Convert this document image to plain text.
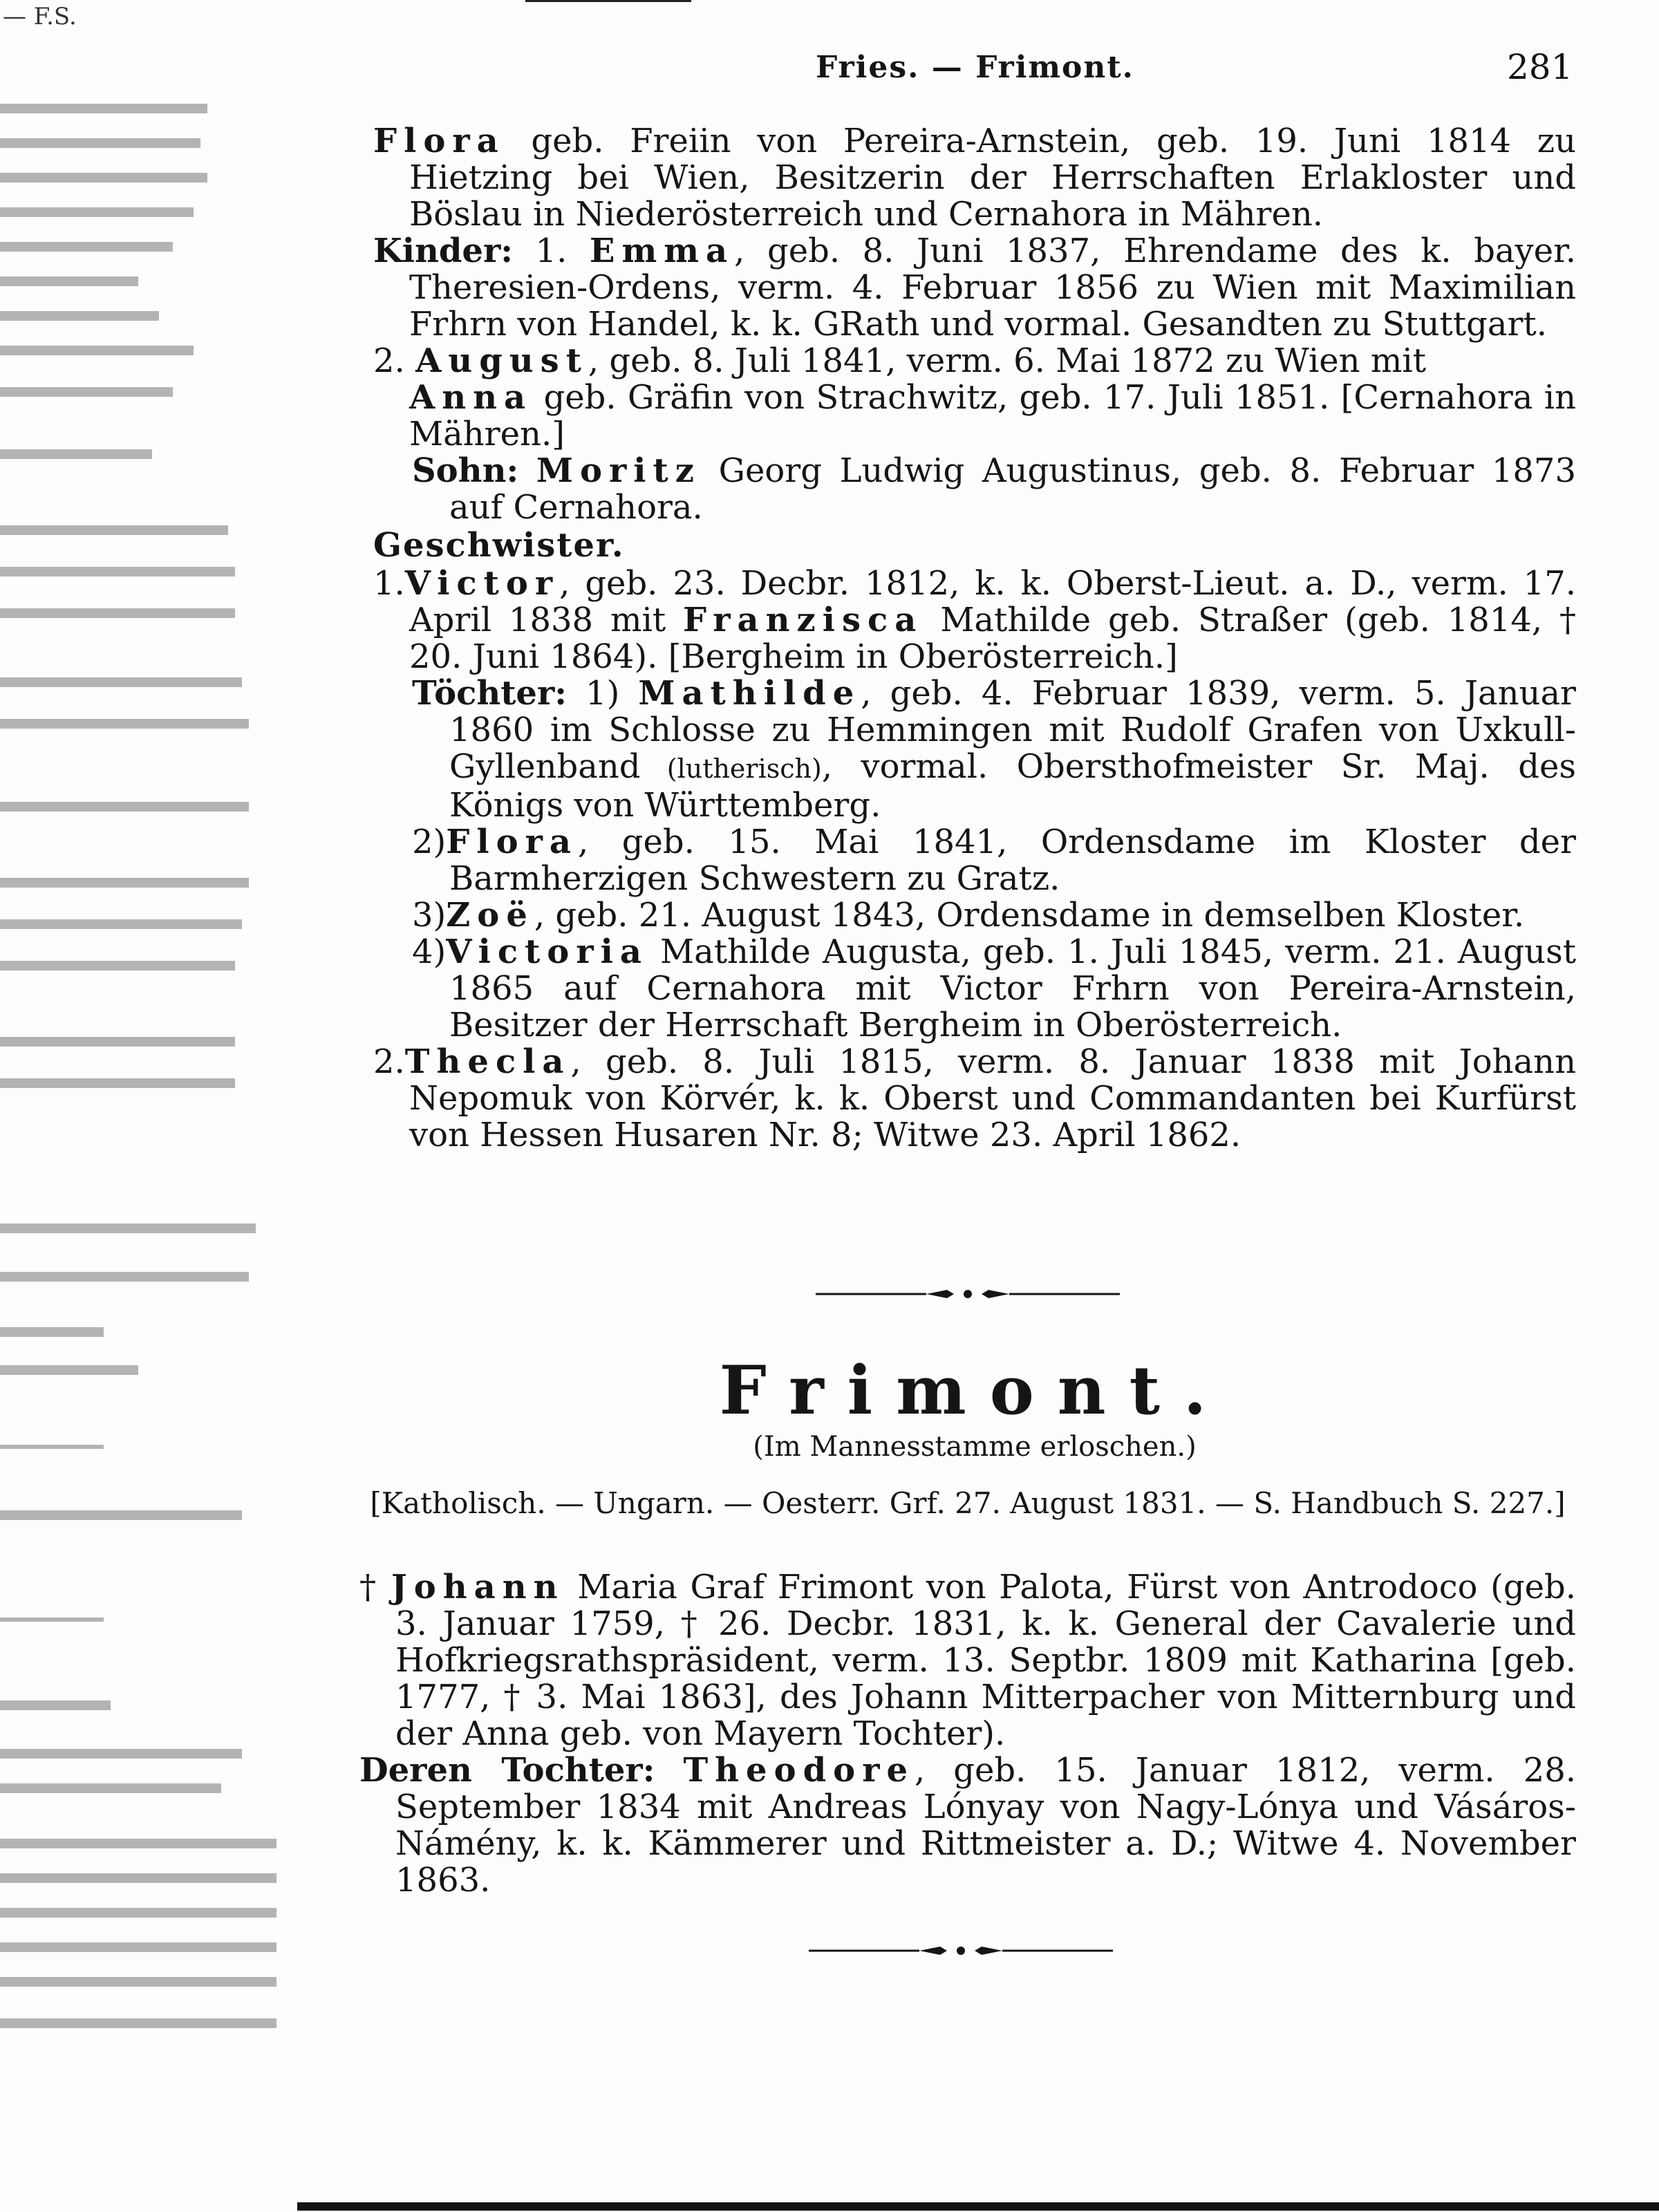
— F.S.
Fries. — Frimont.	281

Flora geb. Freiin von Pereira-Arnstein, geb. 19. Juni 1814 zu Hietzing bei Wien, Besitzerin der Herrschaften Erlakloster und Böslau in Niederösterreich und Cernahora in Mähren.

Kinder: 1. Emma, geb. 8. Juni 1837, Ehrendame des k. bayer. Theresien-Ordens, verm. 4. Februar 1856 zu Wien mit Maximilian Frhrn von Handel, k. k. GRath und vormal. Gesandten zu Stuttgart.

2. August, geb. 8. Juli 1841, verm. 6. Mai 1872 zu Wien mit
Anna geb. Gräfin von Strachwitz, geb. 17. Juli 1851. [Cernahora in Mähren.]

Sohn: Moritz Georg Ludwig Augustinus, geb. 8. Februar 1873 auf Cernahora.

Geschwister.

1.Victor, geb. 23. Decbr. 1812, k. k. Oberst-Lieut. a. D., verm. 17. April 1838 mit Franzisca Mathilde geb. Straßer (geb. 1814, † 20. Juni 1864). [Bergheim in Oberösterreich.]

Töchter: 1) Mathilde, geb. 4. Februar 1839, verm. 5. Januar 1860 im Schlosse zu Hemmingen mit Rudolf Grafen von Uxkull-Gyllenband (lutherisch), vormal. Obersthofmeister Sr. Maj. des Königs von Württemberg.

2)Flora, geb. 15. Mai 1841, Ordensdame im Kloster der Barmherzigen Schwestern zu Gratz.

3)Zoë, geb. 21. August 1843, Ordensdame in demselben Kloster.

4)Victoria Mathilde Augusta, geb. 1. Juli 1845, verm. 21. August 1865 auf Cernahora mit Victor Frhrn von Pereira-Arnstein, Besitzer der Herrschaft Bergheim in Oberösterreich.

2.Thecla, geb. 8. Juli 1815, verm. 8. Januar 1838 mit Johann Nepomuk von Körvér, k. k. Oberst und Commandanten bei Kurfürst von Hessen Husaren Nr. 8; Witwe 23. April 1862.

Frimont.
(Im Mannesstamme erloschen.)
[Katholisch. — Ungarn. — Oesterr. Grf. 27. August 1831. — S. Handbuch S. 227.]

† Johann Maria Graf Frimont von Palota, Fürst von Antrodoco (geb. 3. Januar 1759, † 26. Decbr. 1831, k. k. General der Cavalerie und Hofkriegsrathspräsident, verm. 13. Septbr. 1809 mit Katharina [geb. 1777, † 3. Mai 1863], des Johann Mitterpacher von Mitternburg und der Anna geb. von Mayern Tochter).

Deren Tochter: Theodore, geb. 15. Januar 1812, verm. 28. September 1834 mit Andreas Lónyay von Nagy-Lónya und Vásáros-Námény, k. k. Kämmerer und Rittmeister a. D.; Witwe 4. November 1863.
